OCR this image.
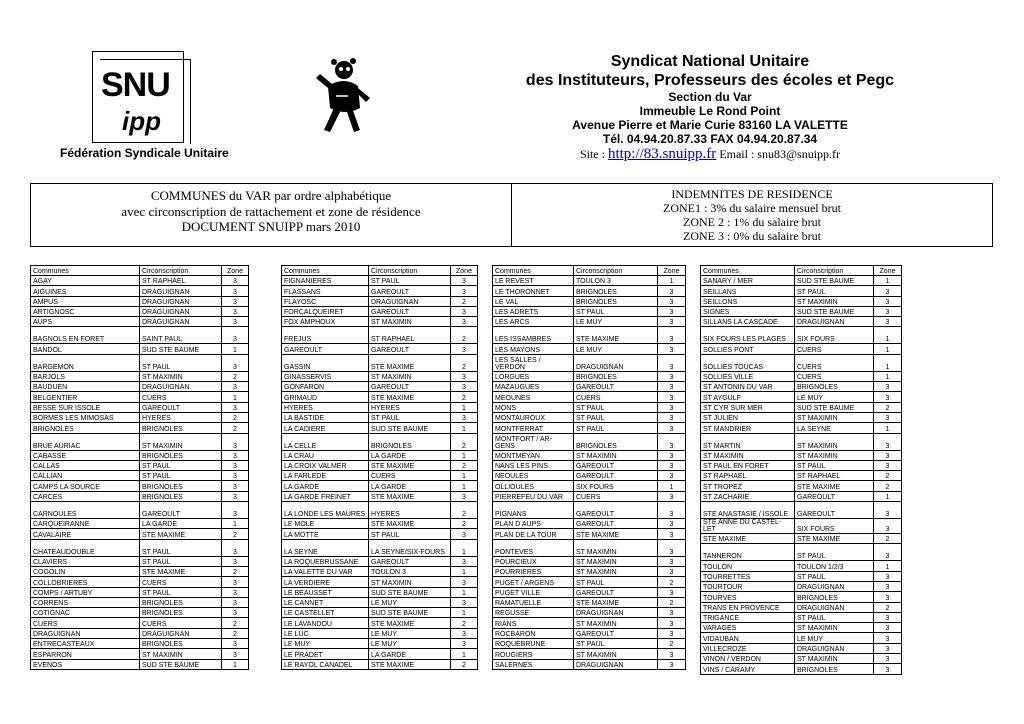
SNU
ipp
Fédération Syndicale Unitaire
Syndicat National Unitaire
des Instituteurs, Professeurs des écoles et Pegc
Section du Var
Immeuble Le Rond Point
Avenue Pierre et Marie Curie 83160 LA VALETTE
Tél. 04.94.20.87.33 FAX 04.94.20.87.34
Site : http://83.snuipp.fr Email : snu83@snuipp.fr
COMMUNES du VAR par ordre alphabétique
avec circonscription de rattachement et zone de résidence
DOCUMENT SNUIPP mars 2010
INDEMNITES DE RESIDENCE
ZONE1 : 3% du salaire mensuel brut
ZONE 2 : 1% du salaire brut
ZONE 3 : 0% du salaire brut
Communes	Circonscription	Zone
AGAY	ST RAPHAEL	3
AIGUINES	DRAGUIGNAN	3
AMPUS	DRAGUIGNAN	3
ARTIGNOSC	DRAGUIGNAN	3
AUPS	DRAGUIGNAN	3
BAGNOLS EN FORET	SAINT PAUL	3
BANDOL	SUD STE BAUME	1
BARGEMON	ST PAUL	3
BARJOLS	ST MAXIMIN	2
BAUDUEN	DRAGUIGNAN	3
BELGENTIER	CUERS	1
BESSE SUR ISSOLE	GAREOULT	3
BORMES LES MIMOSAS	HYERES	2
BRIGNOLES	BRIGNOLES	2
BRUE AURIAC	ST MAXIMIN	3
CABASSE	BRIGNOLES	3
CALLAS	ST PAUL	3
CALLIAN	ST PAUL	3
CAMPS LA SOURCE	BRIGNOLES	3
CARCES	BRIGNOLES	3
CARNOULES	GAREOULT	3
CARQUEIRANNE	LA GARDE	1
CAVALAIRE	STE MAXIME	2
CHATEAUDOUBLE	ST PAUL	3
CLAVIERS	ST PAUL	3
COGOLIN	STE MAXIME	2
COLLOBRIERES	CUERS	3
COMPS / ARTUBY	ST PAUL	3
CORRENS	BRIGNOLES	3
COTIGNAC	BRIGNOLES	3
CUERS	CUERS	2
DRAGUIGNAN	DRAGUIGNAN	2
ENTRECASTEAUX	BRIGNOLES	3
ESPARRON	ST MAXIMIN	3
EVENOS	SUD STE BAUME	1
Communes	Circonscription	Zone
FIGNANIERES	ST PAUL	3
FLASSANS	GAREOULT	3
FLAYOSC	DRAGUIGNAN	2
FORCALQUEIRET	GAREOULT	3
FOX AMPHOUX	ST MAXIMIN	3
FREJUS	ST RAPHAEL	2
GAREOULT	GAREOULT	3
GASSIN	STE MAXIME	2
GINASSERVIS	ST MAXIMIN	3
GONFARON	GAREOULT	3
GRIMAUD	STE MAXIME	2
HYERES	HYERES	1
LA BASTIDE	ST PAUL	3
LA CADIERE	SUD STE BAUME	1
LA CELLE	BRIGNOLES	2
LA CRAU	LA GARDE	1
LA CROIX VALMER	STE MAXIME	2
LA FARLEDE	CUERS	1
LA GARDE	LA GARDE	1
LA GARDE FREINET	STE MAXIME	3
LA LONDE LES MAURES	HYERES	2
LE MOLE	STE MAXIME	2
LA MOTTE	ST PAUL	3
LA SEYNE	LA SEYNE/SIX-FOURS	1
LA ROQUEBRUSSANE	GAREOULT	3
LA VALETTE DU VAR	TOULON 3	1
LA VERDIERE	ST MAXIMIN	3
LE BEAUSSET	SUD STE BAUME	1
LE CANNET	LE MUY	3
LE CASTELLET	SUD STE BAUME	1
LE LAVANDOU	STE MAXIME	2
LE LUC	LE MUY	3
LE MUY	LE MUY	3
LE PRADET	LA GARDE	1
LE RAYOL CANADEL	STE MAXIME	2
Communes	Circonscription	Zone
LE REVEST	TOULON 3	1
LE THORONNET	BRIGNOLES	3
LE VAL	BRIGNOLES	3
LES ADRETS	ST PAUL	3
LES ARCS	LE MUY	3
LES ISSAMBRES	STE MAXIME	3
LES MAYONS	LE MUY	3
LES SALLES / VERDON	DRAGUIGNAN	3
LORGUES	BRIGNOLES	3
MAZAUGUES	GAREOULT	3
MEOUNES	CUERS	3
MONS	ST PAUL	3
MONTAUROUX	ST PAUL	3
MONTFERRAT	ST PAUL	3
MONTFORT / AR-GENS	BRIGNOLES	3
MONTMEYAN	ST MAXIMIN	3
NANS LES PINS	GAREOULT	3
NEOULES	GAREOULT	3
OLLIOULES	SIX FOURS	1
PIERREFEU DU VAR	CUERS	3
PIGNANS	GAREOULT	3
PLAN D AUPS	GAREOULT	3
PLAN DE LA TOUR	STE MAXIME	3
PONTEVES	ST MAXIMIN	3
POURCIEUX	ST MAXIMIN	3
POURRIERES	ST MAXIMIN	3
PUGET / ARGENS	ST PAUL	2
PUGET VILLE	GAREOULT	3
RAMATUELLE	STE MAXIME	2
REGUSSE	DRAGUIGNAN	3
RIANS	ST MAXIMIN	3
ROCBARON	GAREOULT	3
ROQUEBRUNE	ST PAUL	2
ROUGIERS	ST MAXIMIN	3
SALERNES	DRAGUIGNAN	3
Communes	Circonscription	Zone
SANARY / MER	SUD STE BAUME	1
SEILLANS	ST PAUL	3
SEILLONS	ST MAXIMIN	3
SIGNES	SUD STE BAUME	3
SILLANS LA CASCADE	DRAGUIGNAN	3
SIX FOURS LES PLAGES	SIX FOURS	1
SOLLIES PONT	CUERS	1
SOLLIES TOUCAS	CUERS	1
SOLLIES VILLE	CUERS	1
ST ANTONIN DU VAR	BRIGNOLES	3
ST AYGULF	LE MUY	3
ST CYR SUR MER	SUD STE BAUME	2
ST JULIEN	ST MAXIMIN	3
ST MANDRIER	LA SEYNE	1
ST MARTIN	ST MAXIMIN	3
ST MAXIMIN	ST MAXIMIN	3
ST PAUL EN FORET	ST PAUL	3
ST RAPHAEL	ST RAPHAEL	2
ST TROPEZ	STE MAXIME	2
ST ZACHARIE	GAREOULT	1
STE ANASTASIE / ISSOLE	GAREOULT	3
STE ANNE DU CASTEL-LET	SIX FOURS	3
STE MAXIME	STE MAXIME	2
TANNERON	ST PAUL	3
TOULON	TOULON 1/2/3	1
TOURRETTES	ST PAUL	3
TOURTOUR	DRAGUIGNAN	3
TOURVES	BRIGNOLES	3
TRANS EN PROVENCE	DRAGUIGNAN	2
TRIGANCE	ST PAUL	3
VARAGES	ST MAXIMIN	3
VIDAUBAN	LE MUY	3
VILLECROZE	DRAGUIGNAN	3
VINON / VERDON	ST MAXIMIN	3
VINS / CARAMY	BRIGNOLES	3
